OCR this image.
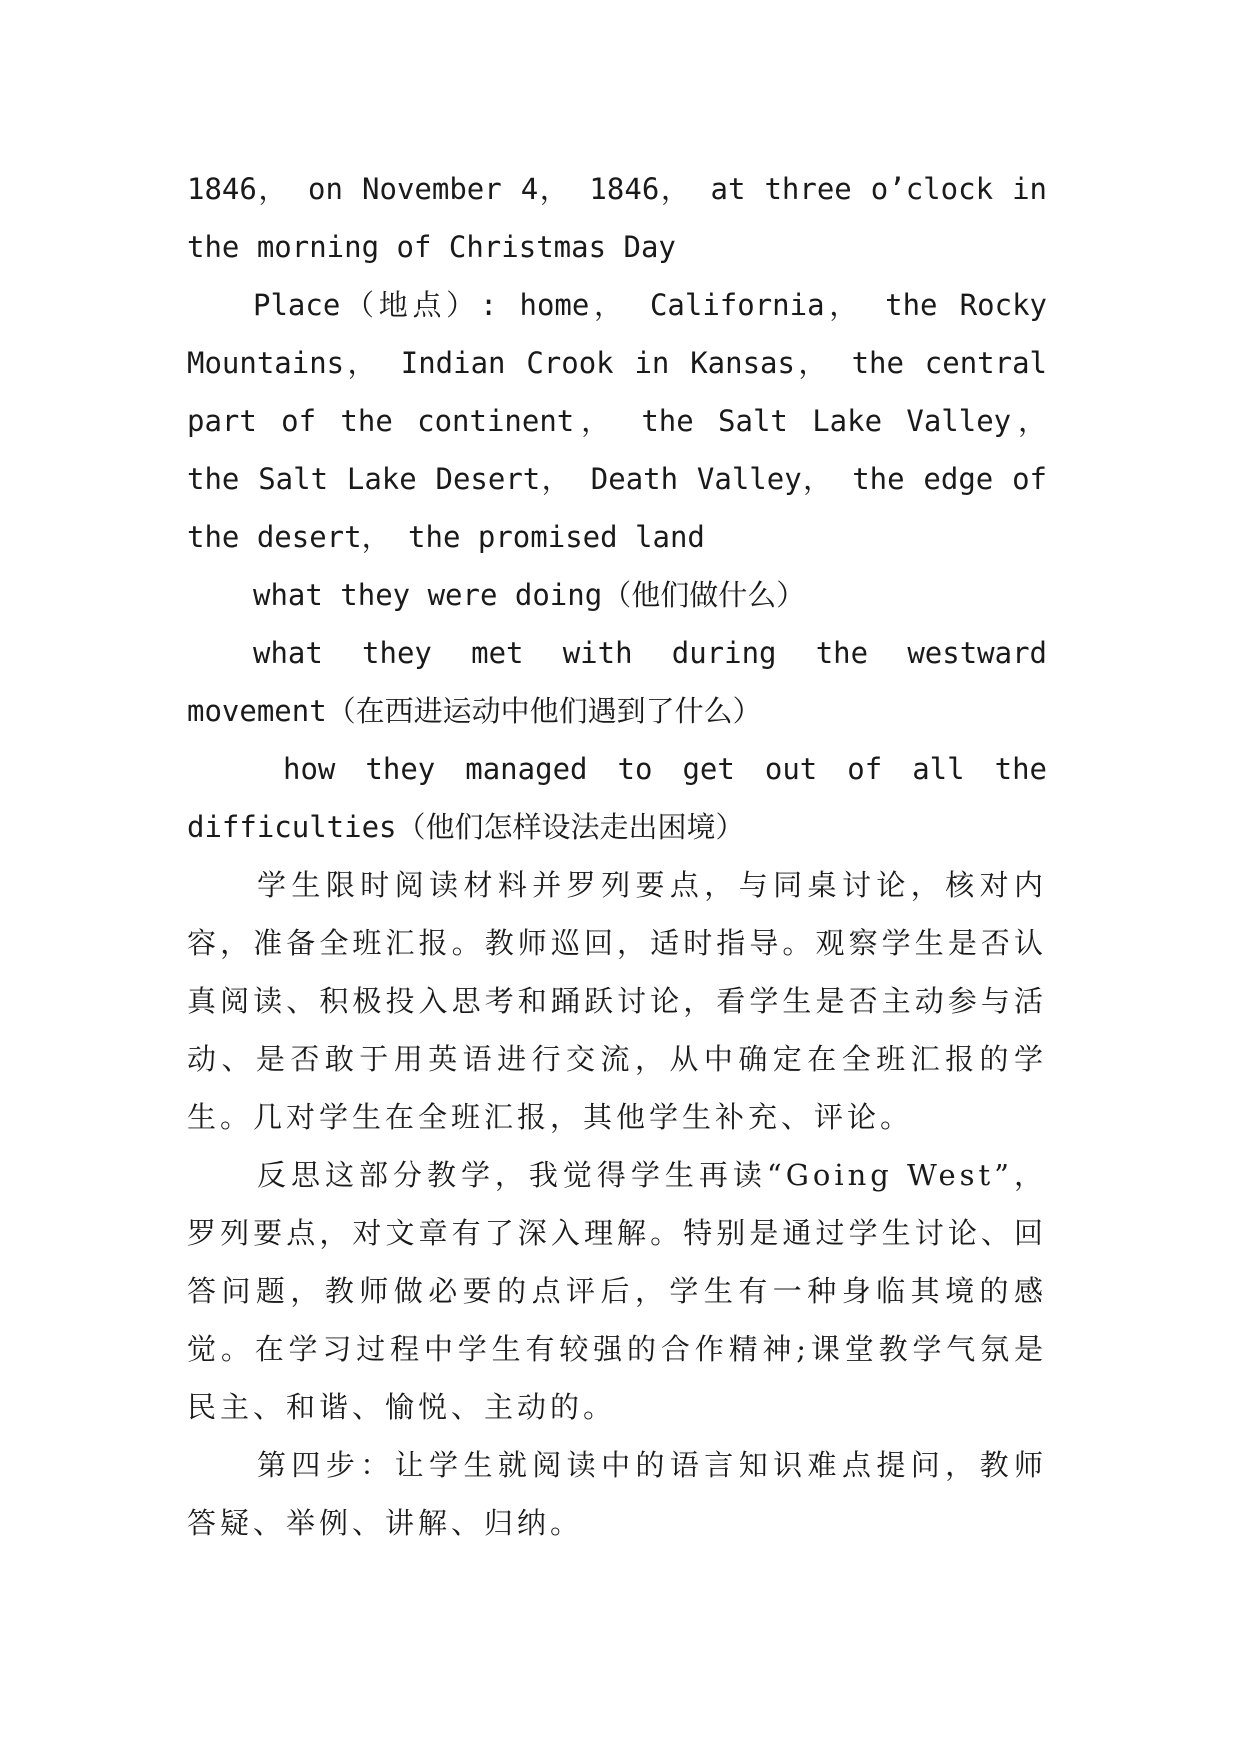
1846， on November 4， 1846， at three o’clock in the morning of Christmas Day

Place（地点）: home， California， the Rocky Mountains， Indian Crook in Kansas， the central part of the continent， the Salt Lake Valley， the Salt Lake Desert， Death Valley， the edge of the desert， the promised land

what they were doing（他们做什么）

what they met with during the westward movement（在西进运动中他们遇到了什么）

how they managed to get out of all the difficulties（他们怎样设法走出困境）

学生限时阅读材料并罗列要点，与同桌讨论，核对内容，准备全班汇报。教师巡回，适时指导。观察学生是否认真阅读、积极投入思考和踊跃讨论，看学生是否主动参与活动、是否敢于用英语进行交流，从中确定在全班汇报的学生。几对学生在全班汇报，其他学生补充、评论。

反思这部分教学，我觉得学生再读“Going West”， 罗列要点，对文章有了深入理解。特别是通过学生讨论、回答问题，教师做必要的点评后，学生有一种身临其境的感觉。在学习过程中学生有较强的合作精神;课堂教学气氛是民主、和谐、愉悦、主动的。

第四步：让学生就阅读中的语言知识难点提问，教师答疑、举例、讲解、归纳。
